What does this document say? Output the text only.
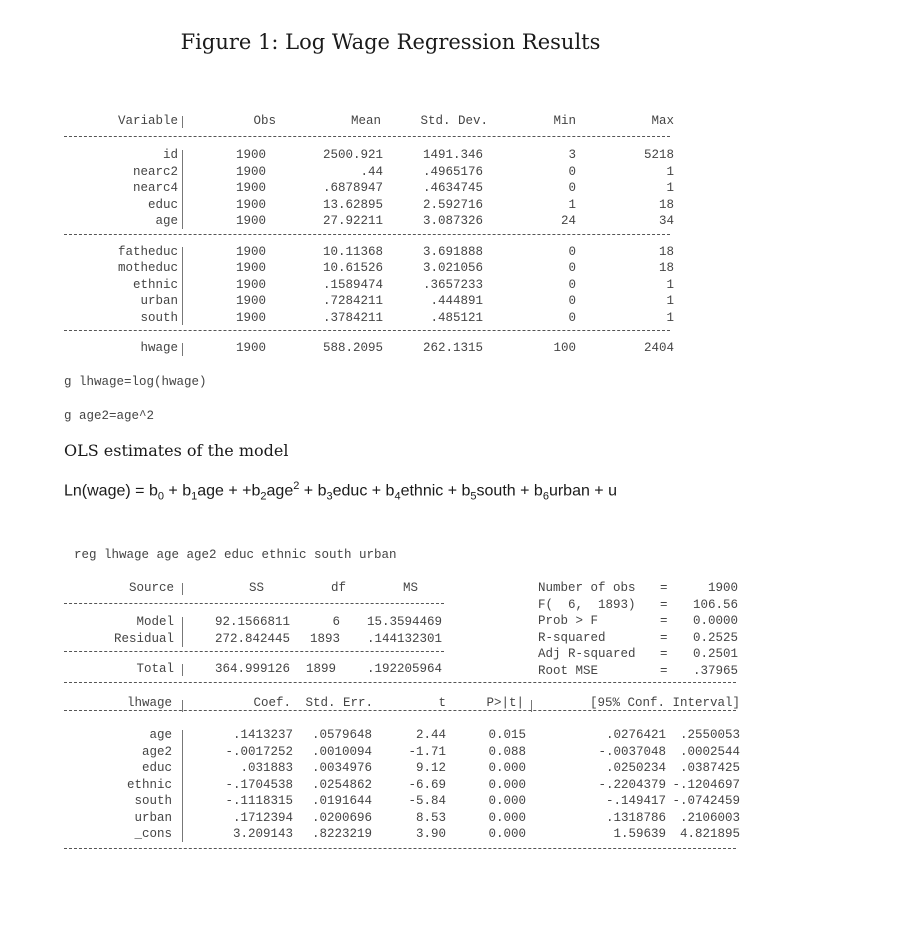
Figure 1: Log Wage Regression Results
Variable	Obs	Mean	Std. Dev.	Min	Max
id	1900	2500.921	1491.346	3	5218
nearc2	1900	.44	.4965176	0	1
nearc4	1900	.6878947	.4634745	0	1
educ	1900	13.62895	2.592716	1	18
age	1900	27.92211	3.087326	24	34
fatheduc	1900	10.11368	3.691888	0	18
motheduc	1900	10.61526	3.021056	0	18
ethnic	1900	.1589474	.3657233	0	1
urban	1900	.7284211	.444891	0	1
south	1900	.3784211	.485121	0	1
hwage	1900	588.2095	262.1315	100	2404
g lhwage=log(hwage)
g age2=age^2
OLS estimates of the model
Ln(wage) = $b_0 + b_1age + +b_2age^2$ + $b_3educ$ + $b_4ethnic$ + $b_5south$ + $b_6urban + u$
reg lhwage age age2 educ ethnic south urban
Source	SS	df	MS
Model	92.1566811	6 15.3594469
Residual	272.842445 1893 .144132301
Total	364.999126 1899 .192205964
Number of obs =	1900
F(  6,  1893) = 106.56
Prob > F	= 0.0000
R-squared	= 0.2525
Adj R-squared = 0.2501
Root MSE	= .37965
lhwage	Coef. Std. Err.	t	P>|t|	[95% Conf. Interval]
age	.1413237 .0579648	2.44	0.015	.0276421 .2550053
age2	-.0017252 .0010094	-1.71	0.088	-.0037048 .0002544
educ	.031883 .0034976	9.12	0.000	.0250234 .0387425
ethnic	-.1704538 .0254862	-6.69	0.000	-.2204379 -.1204697
south	-.1118315 .0191644	-5.84	0.000	-.149417 -.0742459
urban	.1712394 .0200696	8.53	0.000	.1318786 .2106003
_cons	3.209143 .8223219	3.90	0.000	1.59639 4.821895
